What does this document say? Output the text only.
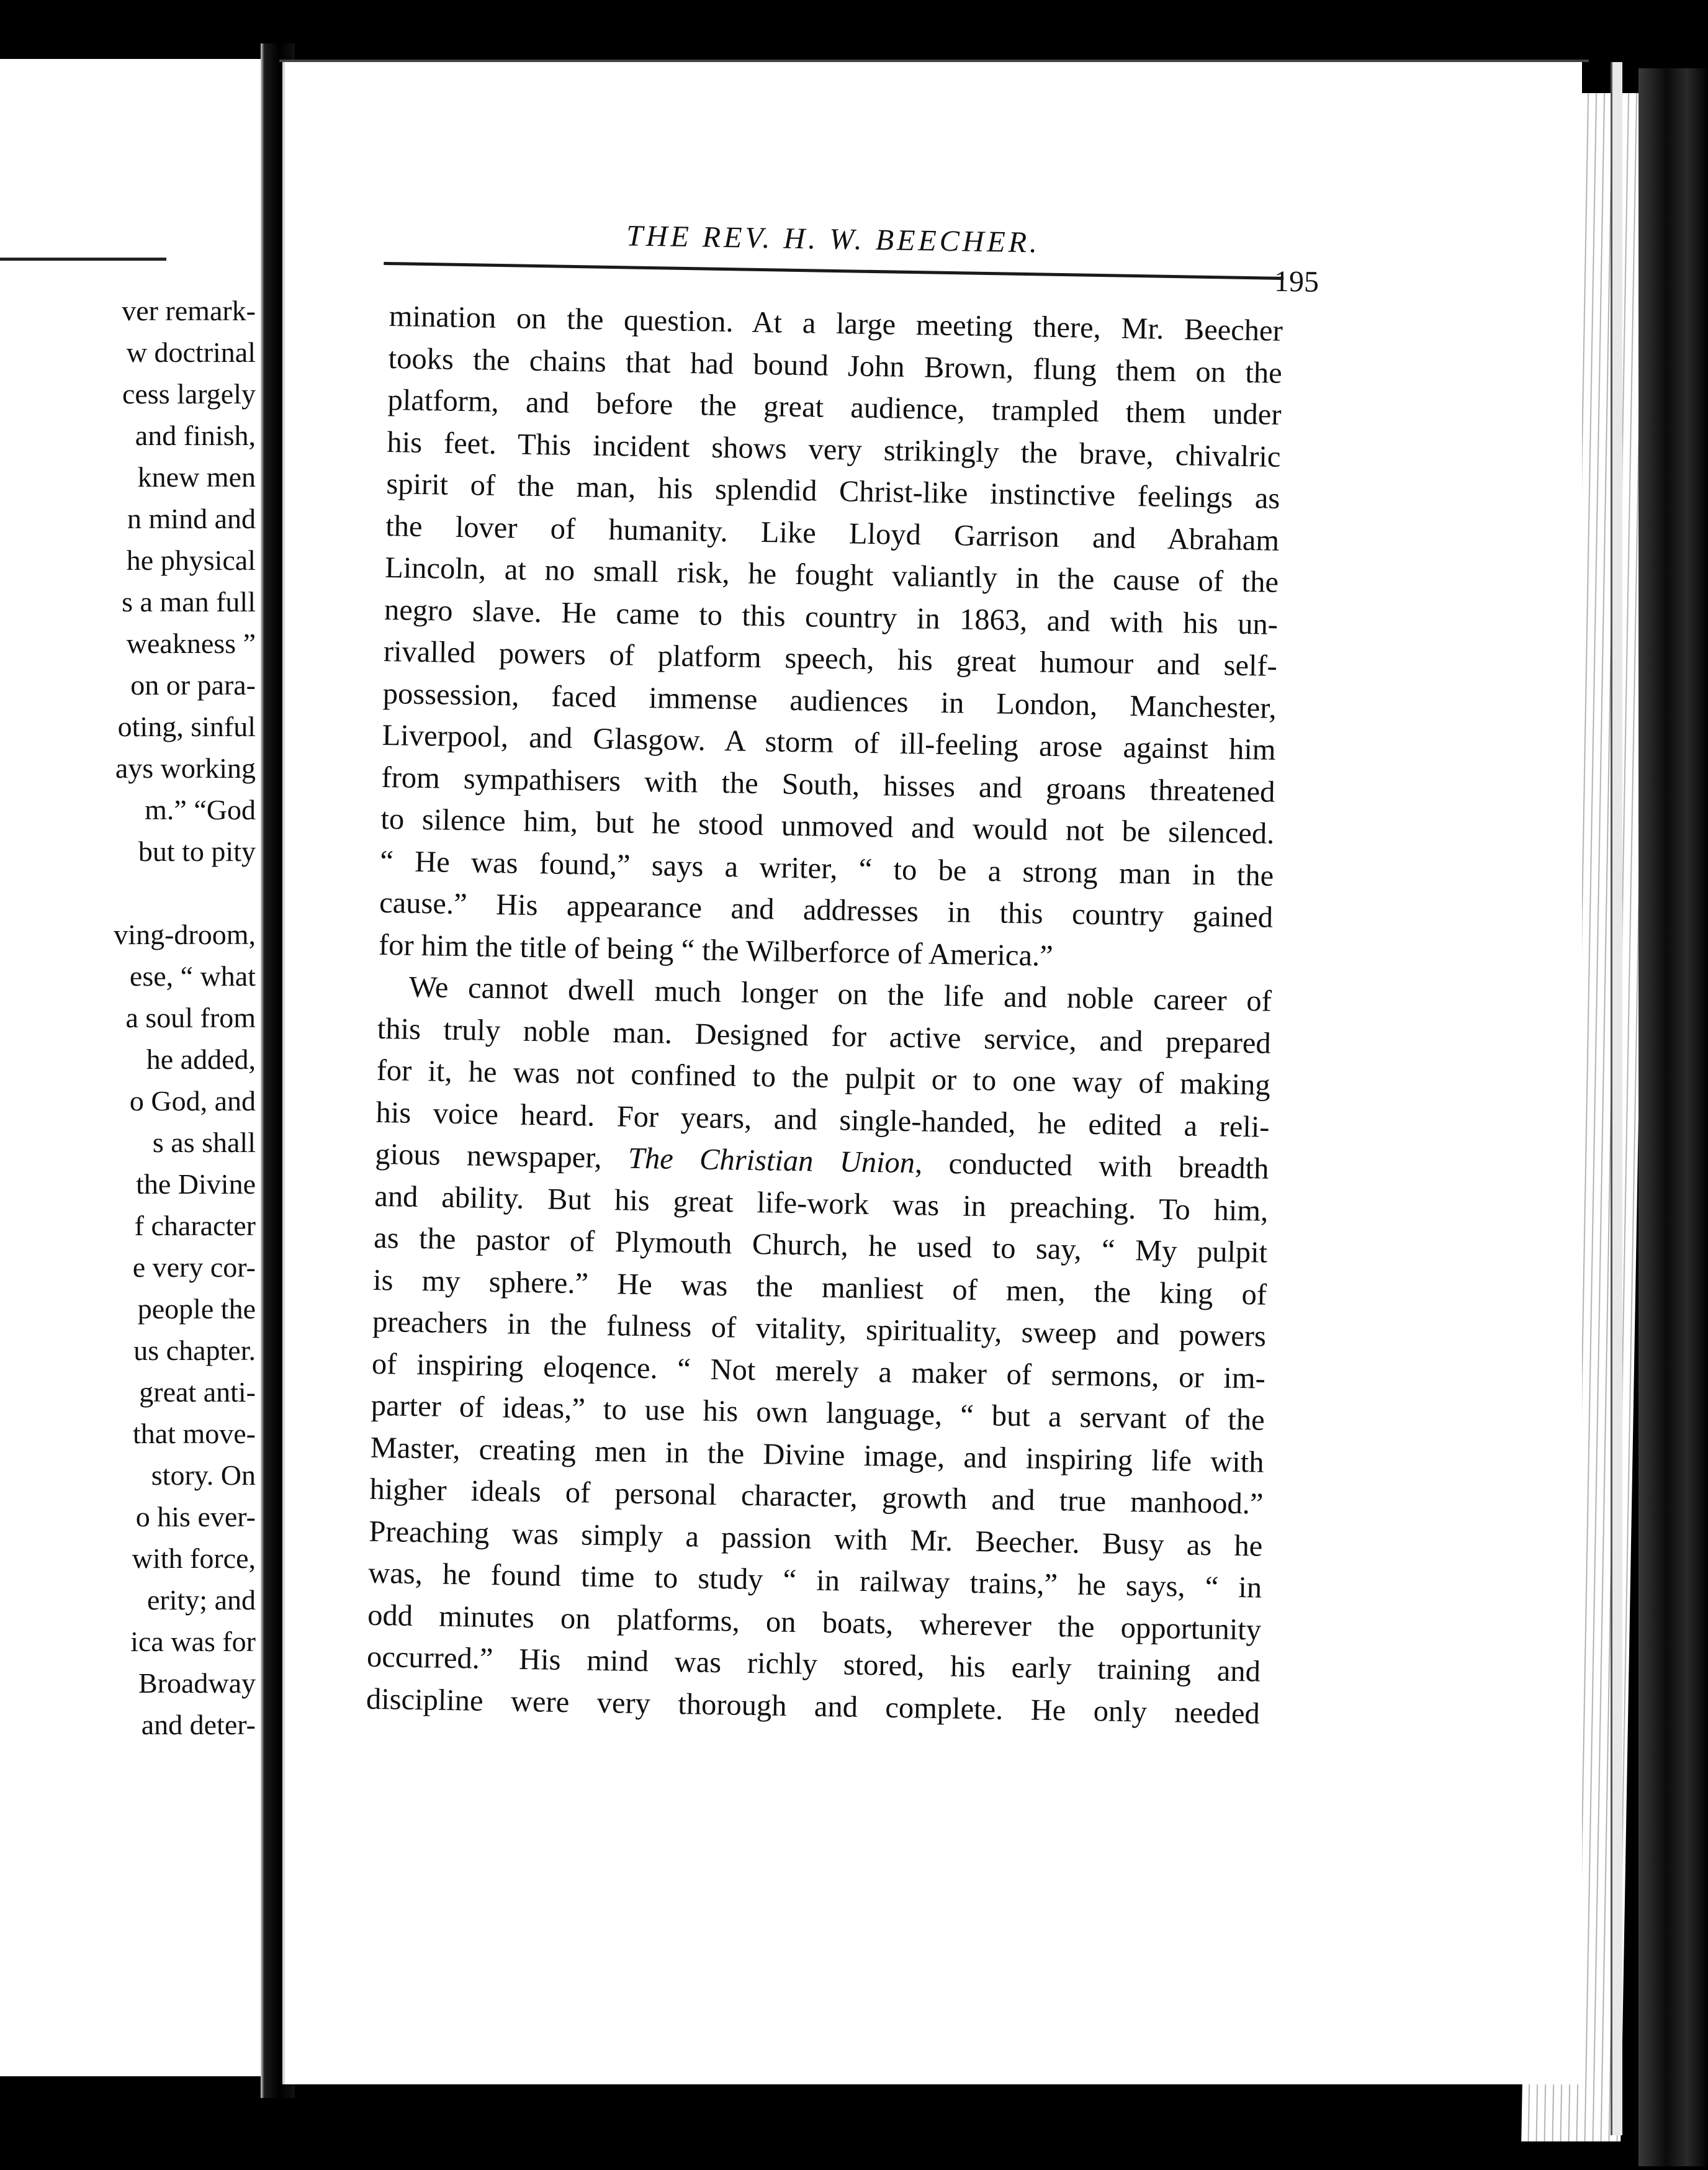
ver remark-
w doctrinal
cess largely
and finish,
knew men
n mind and
he physical
s a man full
weakness ”
on or para-
oting, sinful
ays working
m.” “God
but to pity
ving-droom,
ese, “ what
a soul from
he added,
o God, and
s as shall
the Divine
f character
e very cor-
people the
us chapter.
great anti-
that move-
story. On
o his ever-
with force,
erity; and
ica was for
Broadway
and deter-
THE REV. H. W. BEECHER.
195
mination on the question. At a large meeting there, Mr. Beecher
tooks the chains that had bound John Brown, flung them on the
platform, and before the great audience, trampled them under
his feet. This incident shows very strikingly the brave, chivalric
spirit of the man, his splendid Christ-like instinctive feelings as
the lover of humanity. Like Lloyd Garrison and Abraham
Lincoln, at no small risk, he fought valiantly in the cause of the
negro slave. He came to this country in 1863, and with his un-
rivalled powers of platform speech, his great humour and self-
possession, faced immense audiences in London, Manchester,
Liverpool, and Glasgow. A storm of ill-feeling arose against him
from sympathisers with the South, hisses and groans threatened
to silence him, but he stood unmoved and would not be silenced.
“ He was found,” says a writer, “ to be a strong man in the
cause.” His appearance and addresses in this country gained
for him the title of being “ the Wilberforce of America.”
We cannot dwell much longer on the life and noble career of
this truly noble man. Designed for active service, and prepared
for it, he was not confined to the pulpit or to one way of making
his voice heard. For years, and single-handed, he edited a reli-
gious newspaper, The Christian Union, conducted with breadth
and ability. But his great life-work was in preaching. To him,
as the pastor of Plymouth Church, he used to say, “ My pulpit
is my sphere.” He was the manliest of men, the king of
preachers in the fulness of vitality, spirituality, sweep and powers
of inspiring eloqence. “ Not merely a maker of sermons, or im-
parter of ideas,” to use his own language, “ but a servant of the
Master, creating men in the Divine image, and inspiring life with
higher ideals of personal character, growth and true manhood.”
Preaching was simply a passion with Mr. Beecher. Busy as he
was, he found time to study “ in railway trains,” he says, “ in
odd minutes on platforms, on boats, wherever the opportunity
occurred.” His mind was richly stored, his early training and
discipline were very thorough and complete. He only needed
